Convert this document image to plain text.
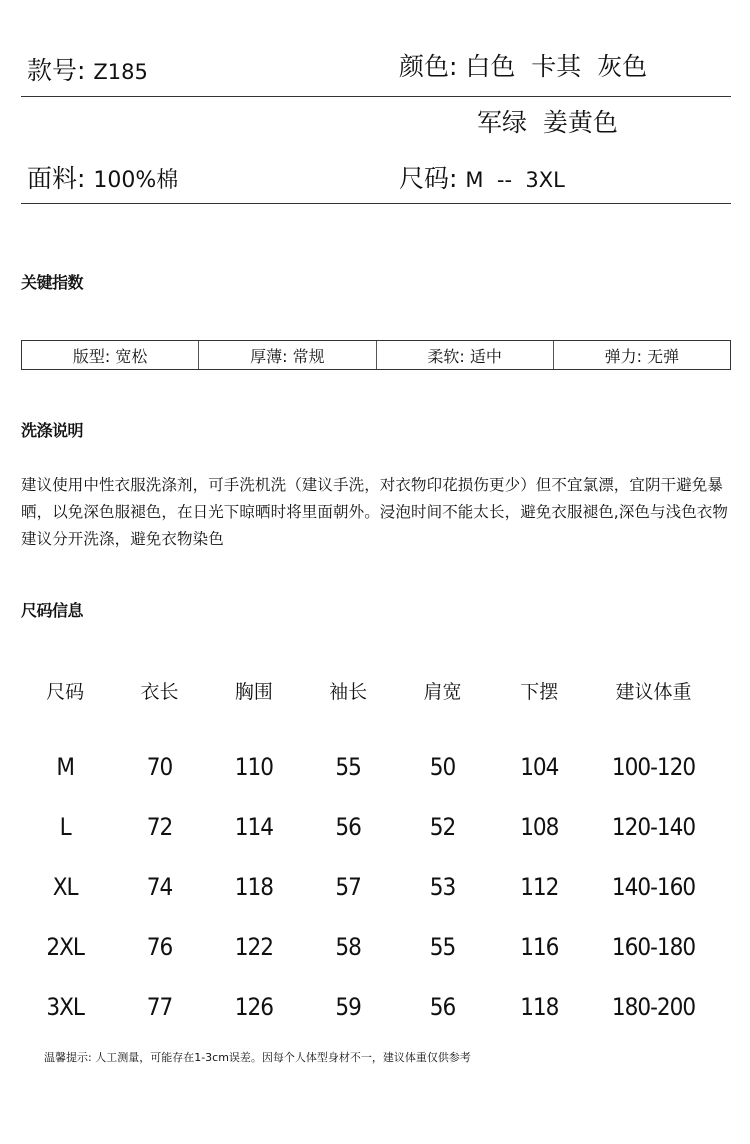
款号: Z185	颜色: 白色  卡其  灰色
军绿  姜黄色
面料: 100%棉	尺码: M  --  3XL
关键指数
版型: 宽松	厚薄: 常规	柔软: 适中	弹力: 无弹
洗涤说明
建议使用中性衣服洗涤剂，可手洗机洗（建议手洗，对衣物印花损伤更少）但不宜氯漂，宜阴干避免暴晒，以免深色服褪色，在日光下晾晒时将里面朝外。浸泡时间不能太长，避免衣服褪色,深色与浅色衣物建议分开洗涤，避免衣物染色
尺码信息
尺码	衣长	胸围	袖长	肩宽	下摆	建议体重
M	70	110	55	50	104	100-120
L	72	114	56	52	108	120-140
XL	74	118	57	53	112	140-160
2XL	76	122	58	55	116	160-180
3XL	77	126	59	56	118	180-200
温馨提示: 人工测量，可能存在1-3cm误差。因每个人体型身材不一，建议体重仅供参考
